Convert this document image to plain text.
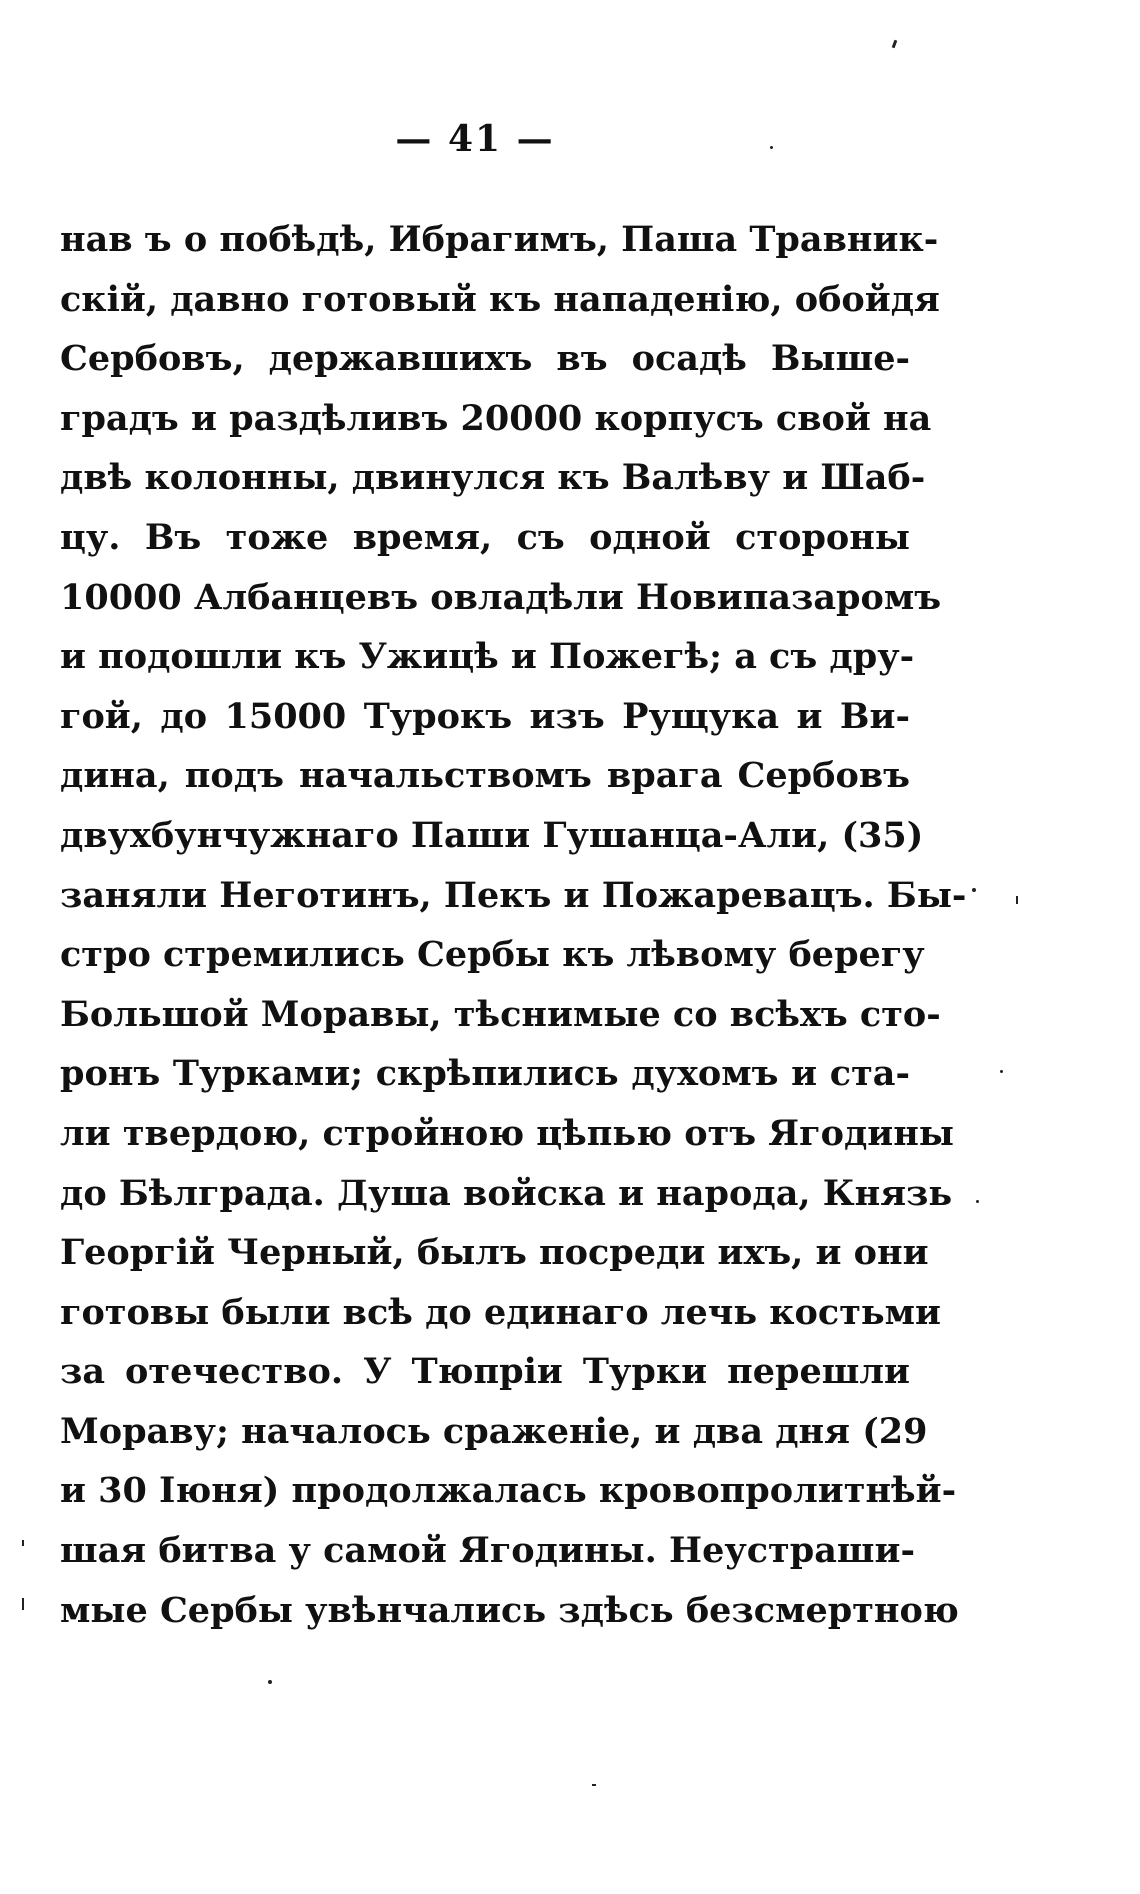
— 41 —
нав ъ о побѣдѣ, Ибрагимъ, Паша Травник-
скій, давно готовый къ нападенію, обойдя
Сербовъ, державшихъ въ осадѣ Выше-
градъ и раздѣливъ 20000 корпусъ свой на
двѣ колонны, двинулся къ Валѣву и Шаб-
цу. Въ тоже время, съ одной стороны
10000 Албанцевъ овладѣли Новипазаромъ
и подошли къ Ужицѣ и Пожегѣ; а съ дру-
гой, до 15000 Турокъ изъ Рущука и Ви-
дина, подъ начальствомъ врага Сербовъ
двухбунчужнаго Паши Гушанца-Али, (35)
заняли Неготинъ, Пекъ и Пожаревацъ. Бы-
стро стремились Сербы къ лѣвому берегу
Большой Моравы, тѣснимые со всѣхъ сто-
ронъ Турками; скрѣпились духомъ и ста-
ли твердою, стройною цѣпью отъ Ягодины
до Бѣлграда. Душа войска и народа, Князь
Георгій Черный, былъ посреди ихъ, и они
готовы были всѣ до единаго лечь костьми
за отечество. У Тюпріи Турки перешли
Мораву; началось сраженіе, и два дня (29
и 30 Іюня) продолжалась кровопролитнѣй-
шая битва у самой Ягодины. Неустраши-
мые Сербы увѣнчались здѣсь безсмертною
